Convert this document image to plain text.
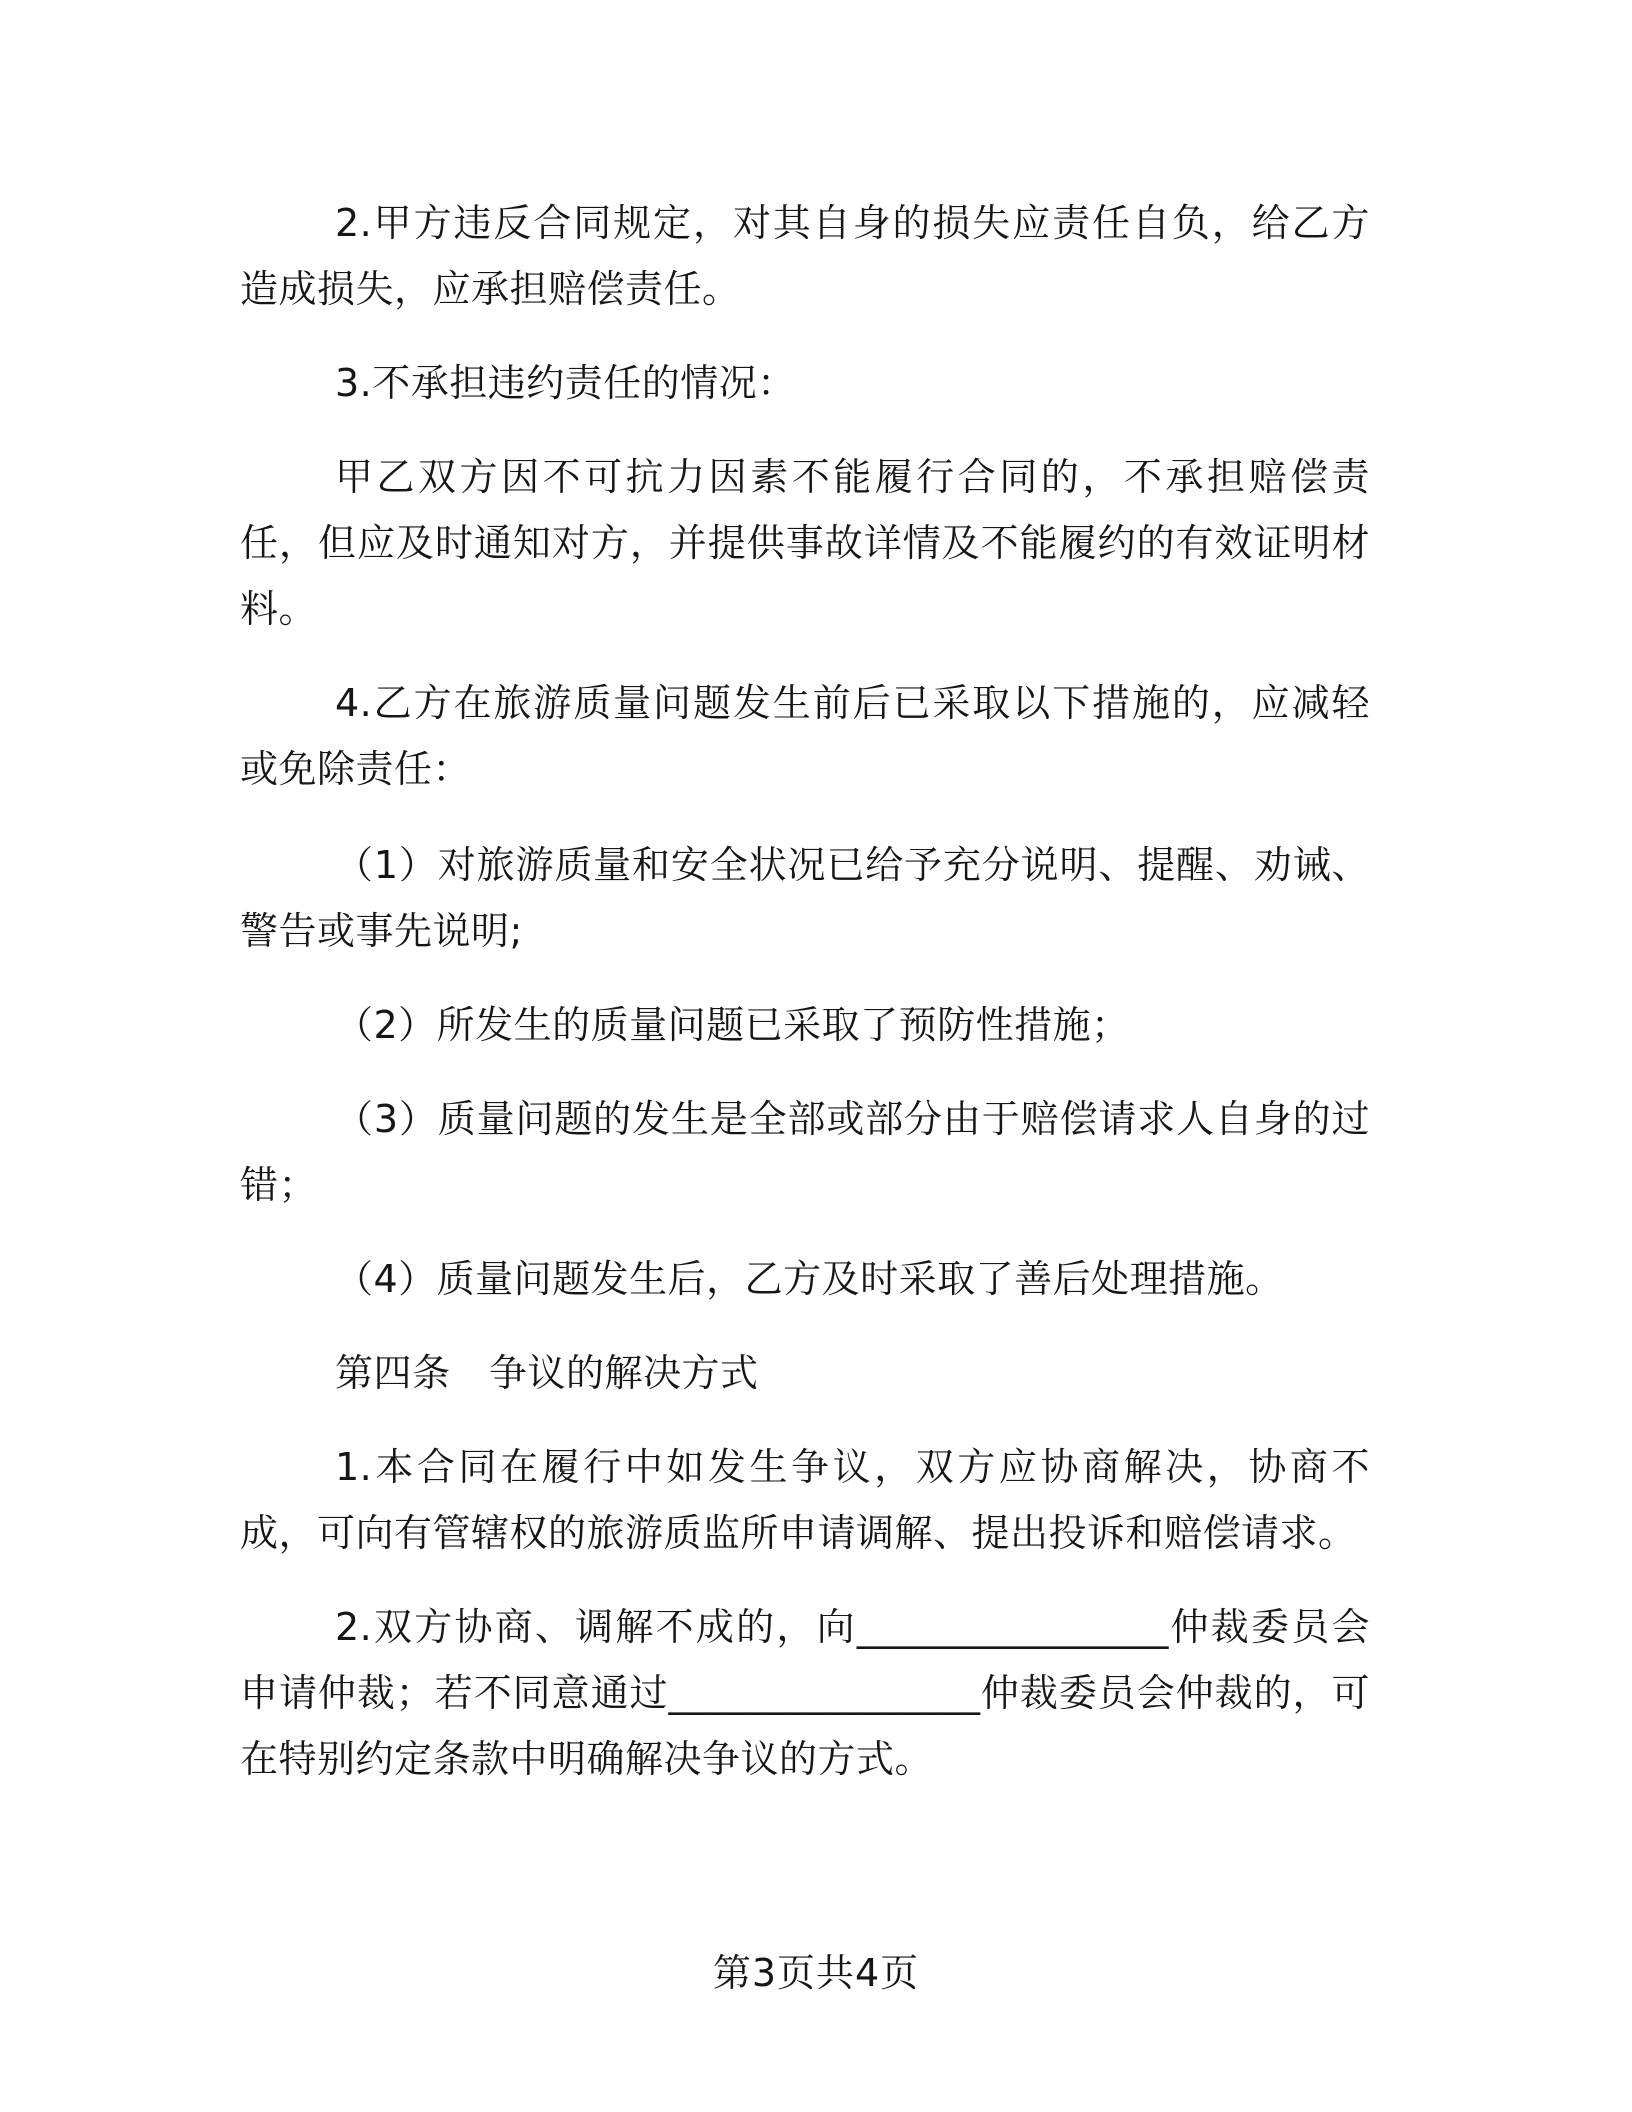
2.甲方违反合同规定，对其自身的损失应责任自负，给乙方造成损失，应承担赔偿责任。

3.不承担违约责任的情况：

甲乙双方因不可抗力因素不能履行合同的，不承担赔偿责任，但应及时通知对方，并提供事故详情及不能履约的有效证明材料。

4.乙方在旅游质量问题发生前后已采取以下措施的，应减轻或免除责任：

（1）对旅游质量和安全状况已给予充分说明、提醒、劝诫、警告或事先说明;

（2）所发生的质量问题已采取了预防性措施；

（3）质量问题的发生是全部或部分由于赔偿请求人自身的过错；

（4）质量问题发生后，乙方及时采取了善后处理措施。

第四条　争议的解决方式

1.本合同在履行中如发生争议，双方应协商解决，协商不成，可向有管辖权的旅游质监所申请调解、提出投诉和赔偿请求。

2.双方协商、调解不成的，向________________仲裁委员会申请仲裁；若不同意通过________________仲裁委员会仲裁的，可在特别约定条款中明确解决争议的方式。

第3页共4页
